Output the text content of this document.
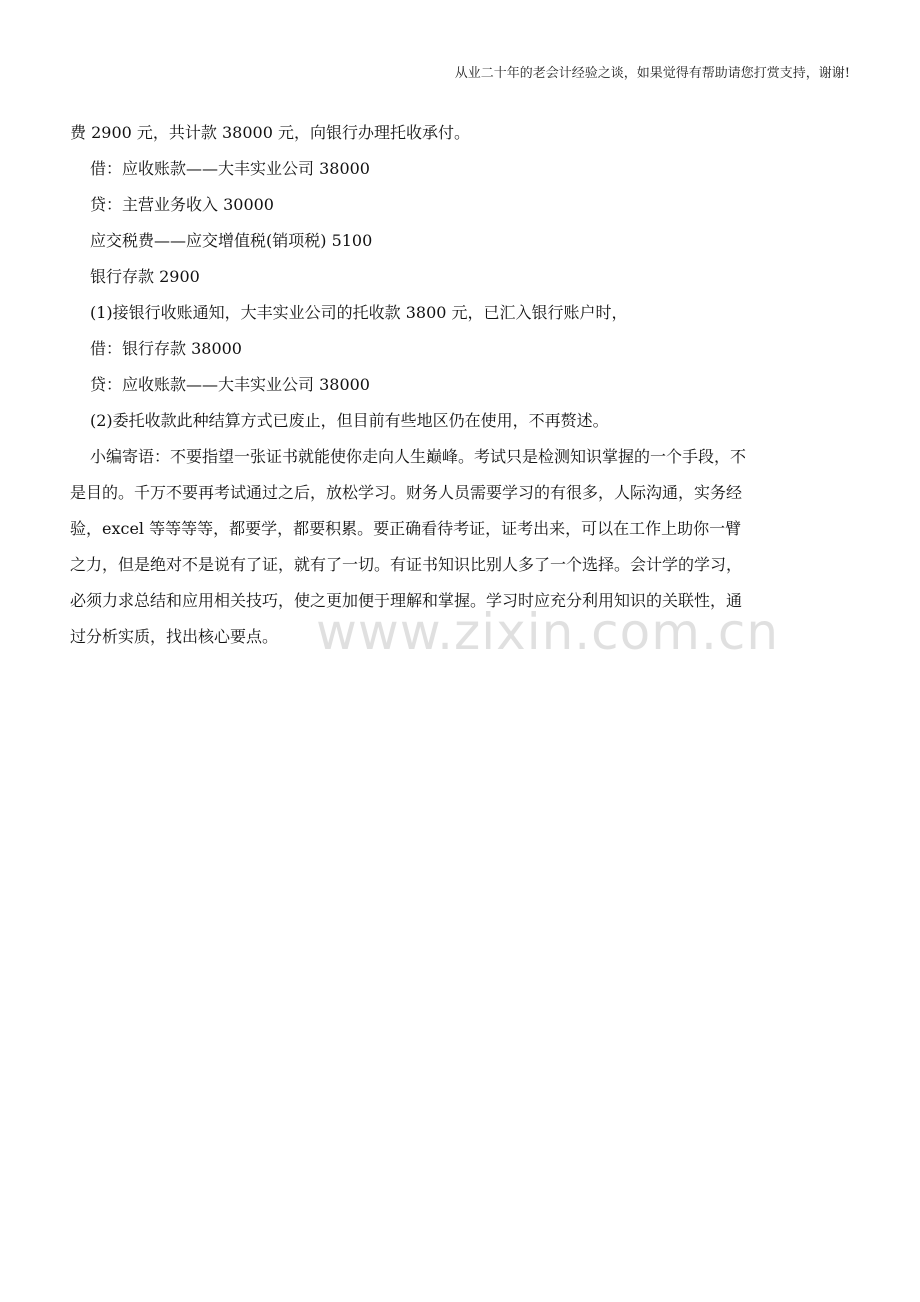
从业二十年的老会计经验之谈，如果觉得有帮助请您打赏支持，谢谢!

费 2900 元，共计款 38000 元，向银行办理托收承付。

借：应收账款——大丰实业公司 38000

贷：主营业务收入 30000

应交税费——应交增值税(销项税) 5100

银行存款 2900

(1)接银行收账通知，大丰实业公司的托收款 3800 元，已汇入银行账户时，

借：银行存款 38000

贷：应收账款——大丰实业公司 38000

(2)委托收款此种结算方式已废止，但目前有些地区仍在使用，不再赘述。

小编寄语：不要指望一张证书就能使你走向人生巅峰。考试只是检测知识掌握的一个手段，不

是目的。千万不要再考试通过之后，放松学习。财务人员需要学习的有很多，人际沟通，实务经

验，excel 等等等等，都要学，都要积累。要正确看待考证，证考出来，可以在工作上助你一臂

之力，但是绝对不是说有了证，就有了一切。有证书知识比别人多了一个选择。会计学的学习，

必须力求总结和应用相关技巧，使之更加便于理解和掌握。学习时应充分利用知识的关联性，通

过分析实质，找出核心要点。 www.zixin.com.cn
